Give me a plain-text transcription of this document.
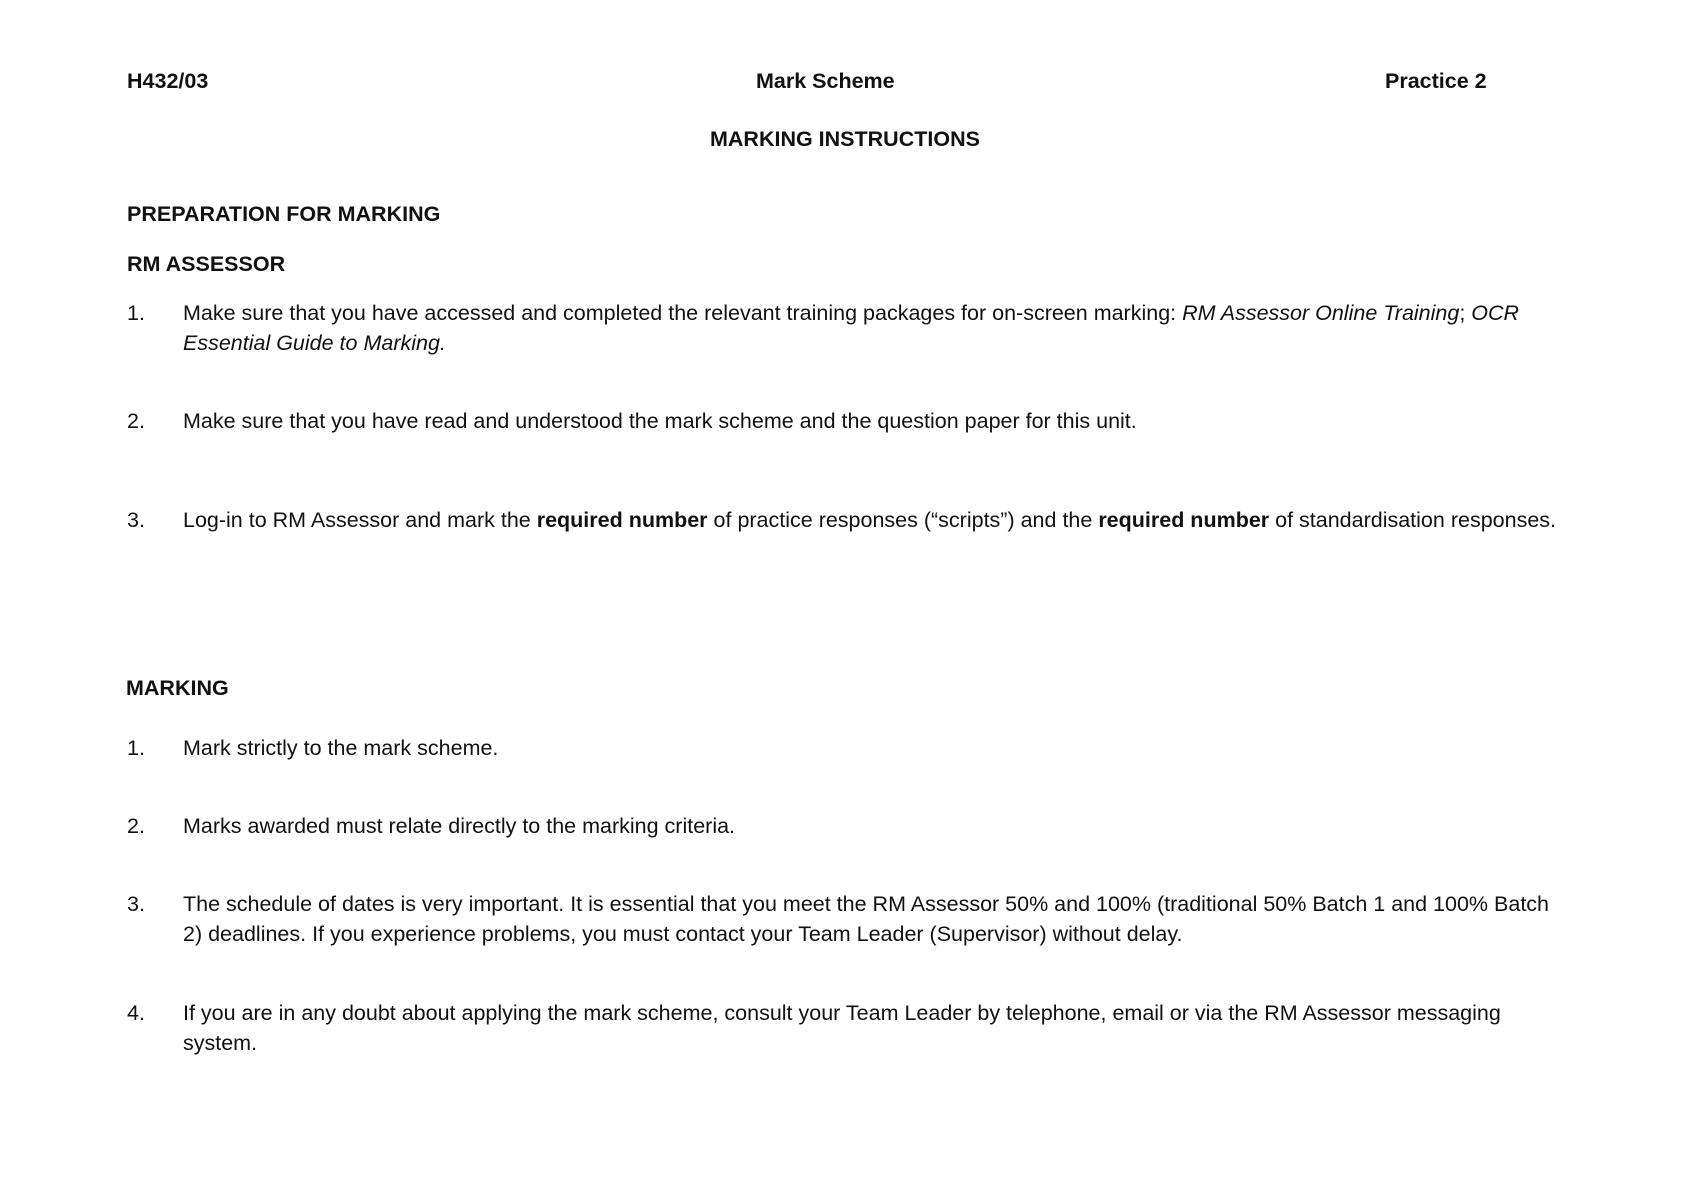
H432/03	Mark Scheme	Practice 2
MARKING INSTRUCTIONS
PREPARATION FOR MARKING
RM ASSESSOR
1.	Make sure that you have accessed and completed the relevant training packages for on-screen marking: RM Assessor Online Training; OCR Essential Guide to Marking.
2.	Make sure that you have read and understood the mark scheme and the question paper for this unit.
3.	Log-in to RM Assessor and mark the required number of practice responses (“scripts”) and the required number of standardisation responses.
MARKING
1.	Mark strictly to the mark scheme.
2.	Marks awarded must relate directly to the marking criteria.
3.	The schedule of dates is very important. It is essential that you meet the RM Assessor 50% and 100% (traditional 50% Batch 1 and 100% Batch 2) deadlines. If you experience problems, you must contact your Team Leader (Supervisor) without delay.
4.	If you are in any doubt about applying the mark scheme, consult your Team Leader by telephone, email or via the RM Assessor messaging system.
